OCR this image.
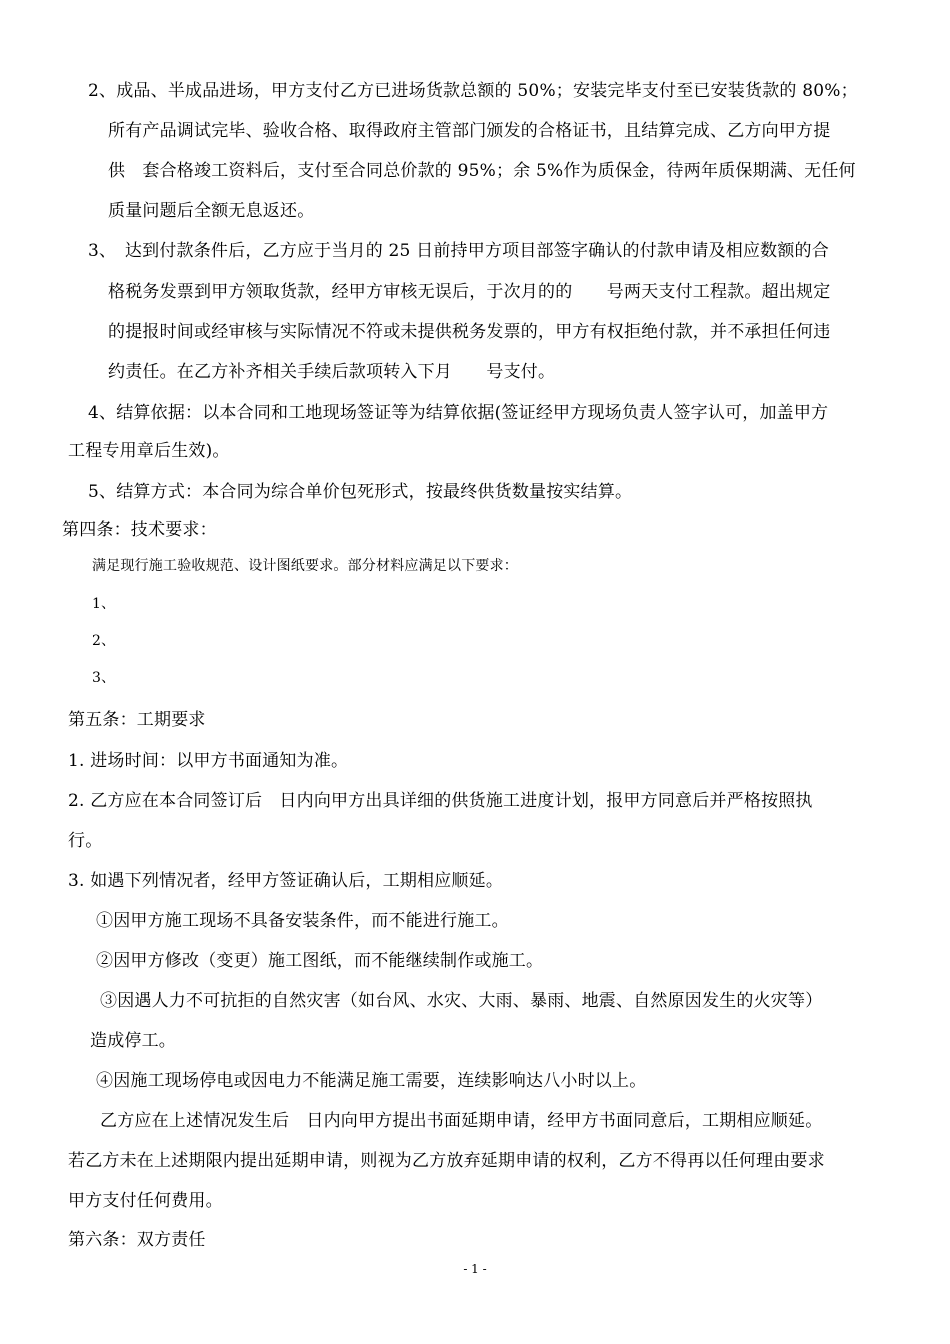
2、成品、半成品进场，甲方支付乙方已进场货款总额的 50%；安装完毕支付至已安装货款的 80%；
所有产品调试完毕、验收合格、取得政府主管部门颁发的合格证书，且结算完成、乙方向甲方提
供　套合格竣工资料后，支付至合同总价款的 95%；余 5%作为质保金，待两年质保期满、无任何
质量问题后全额无息返还。
3、　达到付款条件后，乙方应于当月的 25 日前持甲方项目部签字确认的付款申请及相应数额的合
格税务发票到甲方领取货款，经甲方审核无误后，于次月的的　　号两天支付工程款。超出规定
的提报时间或经审核与实际情况不符或未提供税务发票的，甲方有权拒绝付款，并不承担任何违
约责任。在乙方补齐相关手续后款项转入下月　　号支付。
4、结算依据：以本合同和工地现场签证等为结算依据(签证经甲方现场负责人签字认可，加盖甲方
工程专用章后生效)。
5、结算方式：本合同为综合单价包死形式，按最终供货数量按实结算。
第四条：技术要求：
满足现行施工验收规范、设计图纸要求。部分材料应满足以下要求：
1、
2、
3、
第五条：工期要求
1. 进场时间：以甲方书面通知为准。
2. 乙方应在本合同签订后　日内向甲方出具详细的供货施工进度计划，报甲方同意后并严格按照执
行。
3. 如遇下列情况者，经甲方签证确认后，工期相应顺延。
①因甲方施工现场不具备安装条件，而不能进行施工。
②因甲方修改（变更）施工图纸，而不能继续制作或施工。
③因遇人力不可抗拒的自然灾害（如台风、水灾、大雨、暴雨、地震、自然原因发生的火灾等）
造成停工。
④因施工现场停电或因电力不能满足施工需要，连续影响达八小时以上。
乙方应在上述情况发生后　日内向甲方提出书面延期申请，经甲方书面同意后，工期相应顺延。
若乙方未在上述期限内提出延期申请，则视为乙方放弃延期申请的权利，乙方不得再以任何理由要求
甲方支付任何费用。
第六条：双方责任
- 1 -
